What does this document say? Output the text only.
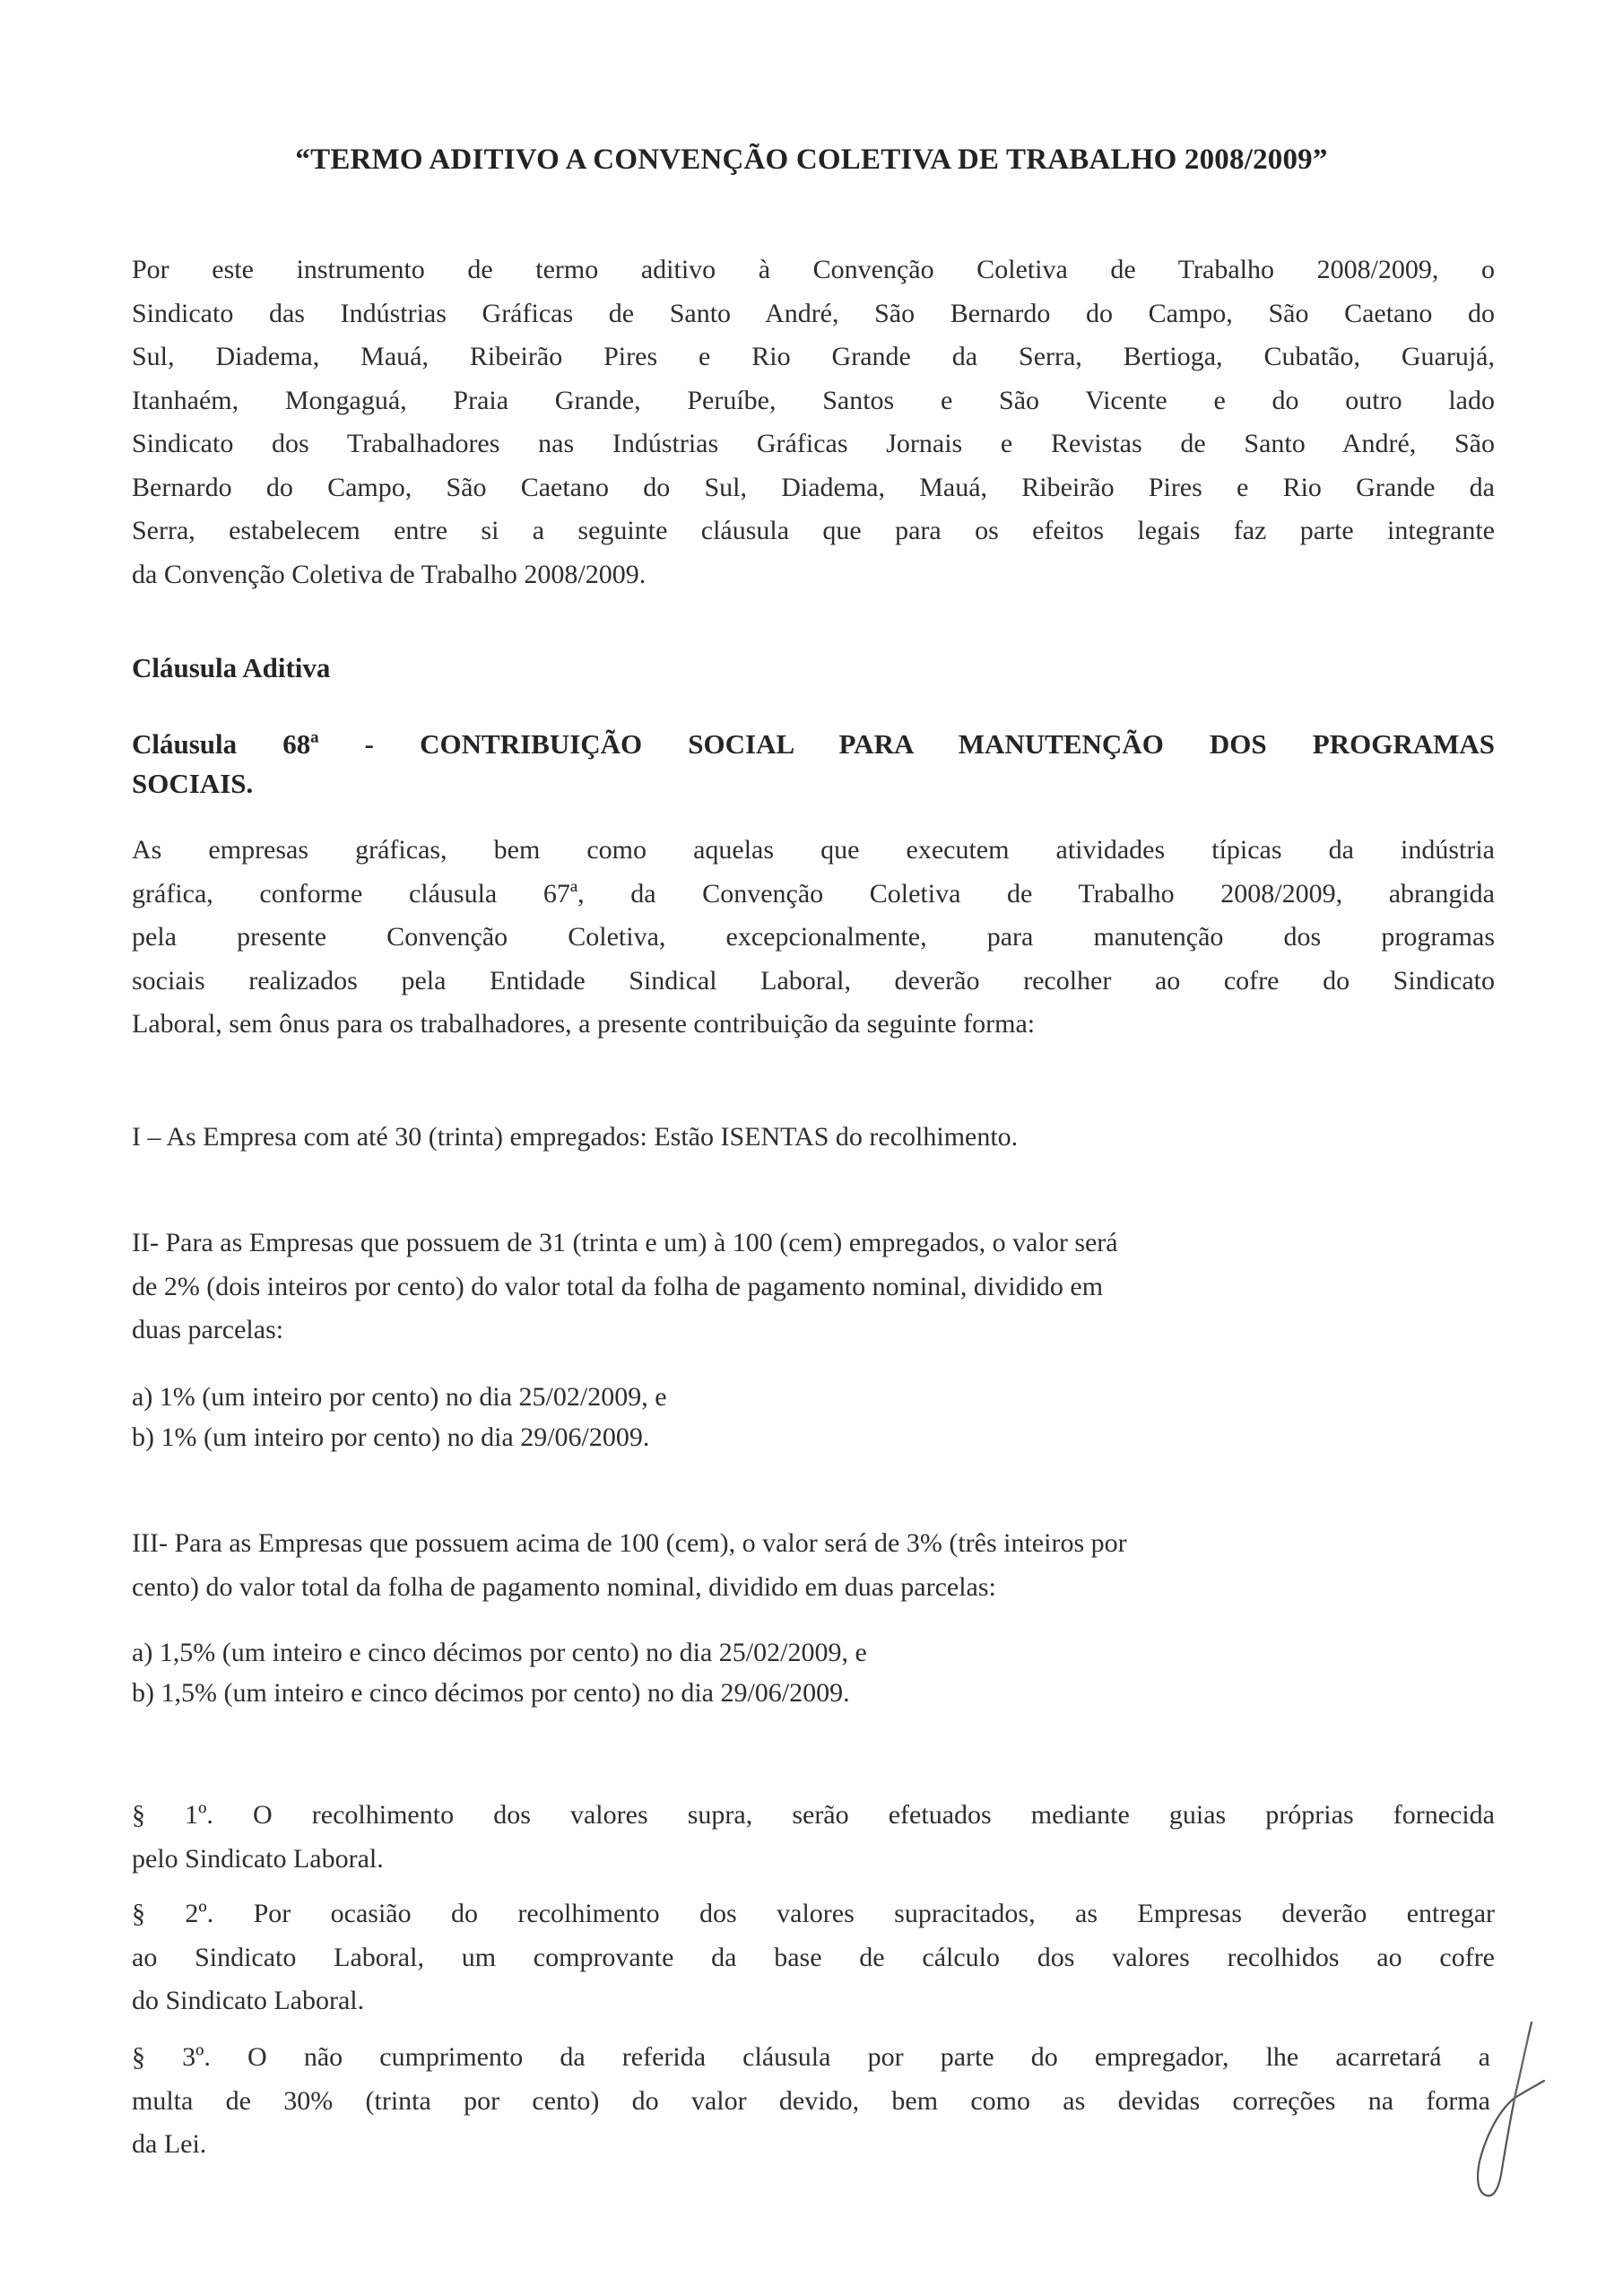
“TERMO ADITIVO A CONVENÇÃO COLETIVA DE TRABALHO 2008/2009”
Por este instrumento de termo aditivo à Convenção Coletiva de Trabalho 2008/2009, o
Sindicato das Indústrias Gráficas de Santo André, São Bernardo do Campo, São Caetano do
Sul, Diadema, Mauá, Ribeirão Pires e Rio Grande da Serra, Bertioga, Cubatão, Guarujá,
Itanhaém, Mongaguá, Praia Grande, Peruíbe, Santos e São Vicente e do outro lado
Sindicato dos Trabalhadores nas Indústrias Gráficas Jornais e Revistas de Santo André, São
Bernardo do Campo, São Caetano do Sul, Diadema, Mauá, Ribeirão Pires e Rio Grande da
Serra, estabelecem entre si a seguinte cláusula que para os efeitos legais faz parte integrante
da Convenção Coletiva de Trabalho 2008/2009.
Cláusula Aditiva
Cláusula 68ª - CONTRIBUIÇÃO SOCIAL PARA MANUTENÇÃO DOS PROGRAMAS
SOCIAIS.
As empresas gráficas, bem como aquelas que executem atividades típicas da indústria
gráfica, conforme cláusula 67ª, da Convenção Coletiva de Trabalho 2008/2009, abrangida
pela presente Convenção Coletiva, excepcionalmente, para manutenção dos programas
sociais realizados pela Entidade Sindical Laboral, deverão recolher ao cofre do Sindicato
Laboral, sem ônus para os trabalhadores, a presente contribuição da seguinte forma:
I – As Empresa com até 30 (trinta) empregados: Estão ISENTAS do recolhimento.
II- Para as Empresas que possuem de 31 (trinta e um) à 100 (cem) empregados, o valor será
de 2% (dois inteiros por cento) do valor total da folha de pagamento nominal, dividido em
duas parcelas:
a) 1% (um inteiro por cento) no dia 25/02/2009, e
b) 1% (um inteiro por cento) no dia 29/06/2009.
III- Para as Empresas que possuem acima de 100 (cem), o valor será de 3% (três inteiros por
cento) do valor total da folha de pagamento nominal, dividido em duas parcelas:
a) 1,5% (um inteiro e cinco décimos por cento) no dia 25/02/2009, e
b) 1,5% (um inteiro e cinco décimos por cento) no dia 29/06/2009.
§ 1º. O recolhimento dos valores supra, serão efetuados mediante guias próprias fornecida
pelo Sindicato Laboral.
§ 2º. Por ocasião do recolhimento dos valores supracitados, as Empresas deverão entregar
ao Sindicato Laboral, um comprovante da base de cálculo dos valores recolhidos ao cofre
do Sindicato Laboral.
§ 3º. O não cumprimento da referida cláusula por parte do empregador, lhe acarretará a
multa de 30% (trinta por cento) do valor devido, bem como as devidas correções na forma
da Lei.
